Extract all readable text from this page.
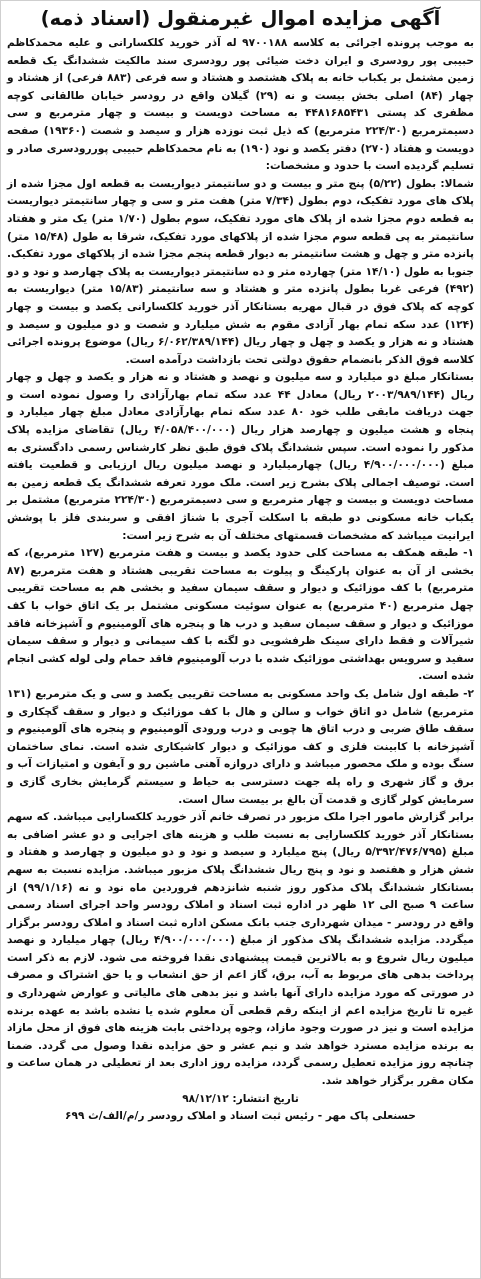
آگهی مزایده اموال غیرمنقول (اسناد ذمه)

به موجب پرونده اجرائی به کلاسه ۹۷۰۰۱۸۸ له آذر خورید کلکسارانی و علیه محمدکاظم حبیبی پور رودسری و ایران دخت ضیائی پور رودسری سند مالکیت ششدانگ یک قطعه زمین مشتمل بر یکباب خانه به پلاک هشتصد و هشتاد و سه فرعی (۸۸۳ فرعی) از هشتاد و چهار (۸۴) اصلی بخش بیست و نه (۲۹) گیلان واقع در رودسر خیابان طالقانی کوچه مظفری کد پستی ۴۴۸۱۶۸۵۴۳۱ به مساحت دویست و بیست و چهار مترمربع و سی دسیمترمربع (۲۲۴/۳۰ مترمربع) که ذیل ثبت نوزده هزار و سیصد و شصت (۱۹۳۶۰) صفحه دویست و هفتاد (۲۷۰) دفتر یکصد و نود (۱۹۰) به نام محمدکاظم حبیبی پوررودسری صادر و تسلیم گردیده است با حدود و مشخصات:

شمالا: بطول (۵/۲۲) پنج متر و بیست و دو سانتیمتر دیواریست به قطعه اول مجزا شده از پلاک های مورد تفکیک، دوم بطول (۷/۳۴ متر) هفت متر و سی و چهار سانتیمتر دیواریست به قطعه دوم مجزا شده از پلاک های مورد تفکیک، سوم بطول (۱/۷۰ متر) یک متر و هفتاد سانتیمتر به پی قطعه سوم مجزا شده از پلاکهای مورد تفکیک، شرقا به طول (۱۵/۴۸ متر) پانزده متر و چهل و هشت سانتیمتر به دیوار قطعه پنجم مجزا شده از پلاکهای مورد تفکیک. جنوبا به طول (۱۴/۱۰ متر) چهارده متر و ده سانتیمتر دیواریست به پلاک چهارصد و نود و دو (۴۹۲) فرعی غربا بطول پانزده متر و هشتاد و سه سانتیمتر (۱۵/۸۳ متر) دیواریست به کوچه که پلاک فوق در قبال مهریه بستانکار آذر خورید کلکسارانی یکصد و بیست و چهار (۱۲۴) عدد سکه تمام بهار آزادی مقوم به شش میلیارد و شصت و دو میلیون و سیصد و هشتاد و نه هزار و یکصد و چهل و چهار ریال (۶/۰۶۲/۳۸۹/۱۴۴ ریال) موضوع پرونده اجرائی کلاسه فوق الذکر بانضمام حقوق دولتی تحت بازداشت درآمده است.

بستانکار مبلغ دو میلیارد و سه میلیون و نهصد و هشتاد و نه هزار و یکصد و چهل و چهار ریال (۲۰۰۳/۹۸۹/۱۴۴ ریال) معادل ۴۴ عدد سکه تمام بهارآزادی را وصول نموده است و جهت دریافت مابقی طلب خود ۸۰ عدد سکه تمام بهارآزادی معادل مبلغ چهار میلیارد و پنجاه و هشت میلیون و چهارصد هزار ریال (۴/۰۵۸/۴۰۰/۰۰۰ ریال) تقاضای مزایده پلاک مذکور را نموده است. سپس ششدانگ پلاک فوق طبق نظر کارشناس رسمی دادگستری به مبلغ (۴/۹۰۰/۰۰۰/۰۰۰ ریال) چهارمیلیارد و نهصد میلیون ریال ارزیابی و قطعیت یافته است. توصیف اجمالی پلاک بشرح زیر است. ملک مورد تعرفه ششدانگ یک قطعه زمین به مساحت دویست و بیست و چهار مترمربع و سی دسیمترمربع (۲۲۴/۳۰ مترمربع) مشتمل بر یکباب خانه مسکونی دو طبقه با اسکلت آجری با شناژ افقی و سربندی فلز با پوشش ایرانیت میباشد که مشخصات قسمتهای مختلف آن به شرح زیر است:

۱- طبقه همکف به مساحت کلی حدود یکصد و بیست و هفت مترمربع (۱۲۷ مترمربع)، که بخشی از آن به عنوان پارکینگ و پیلوت به مساحت تقریبی هشتاد و هفت مترمربع (۸۷ مترمربع) با کف موزائیک و دیوار و سقف سیمان سفید و بخشی هم به مساحت تقریبی چهل مترمربع (۴۰ مترمربع) به عنوان سوئیت مسکونی مشتمل بر یک اتاق خواب با کف موزائیک و دیوار و سقف سیمان سفید و درب ها و پنجره های آلومینیوم و آشپزخانه فاقد شیرآلات و فقط دارای سینک ظرفشویی دو لگنه با کف سیمانی و دیوار و سقف سیمان سفید و سرویس بهداشتی موزائیک شده با درب آلومینیوم فاقد حمام ولی لوله کشی انجام شده است.

۲- طبقه اول شامل یک واحد مسکونی به مساحت تقریبی یکصد و سی و یک مترمربع (۱۳۱ مترمربع) شامل دو اتاق خواب و سالن و هال با کف موزائیک و دیوار و سقف گچکاری و سقف طاق ضربی و درب اتاق ها چوبی و درب ورودی آلومینیوم و پنجره های آلومینیوم و آشپزخانه با کابینت فلزی و کف موزائیک و دیوار کاشیکاری شده است. نمای ساختمان سنگ بوده و ملک محصور میباشد و دارای دروازه آهنی ماشین رو و آیفون و امتیازات آب و برق و گاز شهری و راه پله جهت دسترسی به حیاط و سیستم گرمایش بخاری گازی و سرمایش کولر گازی و قدمت آن بالغ بر بیست سال است.

برابر گزارش مامور اجرا ملک مزبور در تصرف خانم آذر خورید کلکسارایی میباشد. که سهم بستانکار آذر خورید کلکسارایی به نسبت طلب و هزینه های اجرایی و دو عشر اضافی به مبلغ (۵/۳۹۲/۴۷۶/۷۹۵ ریال) پنج میلیارد و سیصد و نود و دو میلیون و چهارصد و هفتاد و شش هزار و هفتصد و نود و پنج ریال ششدانگ پلاک مزبور میباشد. مزایده نسبت به سهم بستانکار ششدانگ پلاک مذکور روز شنبه شانزدهم فروردین ماه نود و نه (۹۹/۱/۱۶) از ساعت ۹ صبح الی ۱۲ ظهر در اداره ثبت اسناد و املاک رودسر واحد اجرای اسناد رسمی واقع در رودسر - میدان شهرداری جنب بانک مسکن اداره ثبت اسناد و املاک رودسر برگزار میگردد. مزایده ششدانگ پلاک مذکور از مبلغ (۴/۹۰۰/۰۰۰/۰۰۰ ریال) چهار میلیارد و نهصد میلیون ریال شروع و به بالاترین قیمت پیشنهادی نقدا فروخته می شود. لازم به ذکر است پرداخت بدهی های مربوط به آب، برق، گاز اعم از حق انشعاب و یا حق اشتراک و مصرف در صورتی که مورد مزایده دارای آنها باشد و نیز بدهی های مالیاتی و عوارض شهرداری و غیره تا تاریخ مزایده اعم از اینکه رقم قطعی آن معلوم شده یا نشده باشد به عهده برنده مزایده است و نیز در صورت وجود مازاد، وجوه پرداختی بابت هزینه های فوق از محل مازاد به برنده مزایده مسترد خواهد شد و نیم عشر و حق مزایده نقدا وصول می گردد. ضمنا چنانچه روز مزایده تعطیل رسمی گردد، مزایده روز اداری بعد از تعطیلی در همان ساعت و مکان مقرر برگزار خواهد شد.

تاریخ انتشار: ۹۸/۱۲/۱۲
حسنعلی پاک مهر - رئیس ثبت اسناد و املاک رودسر ر/م/الف/ث ۶۹۹
